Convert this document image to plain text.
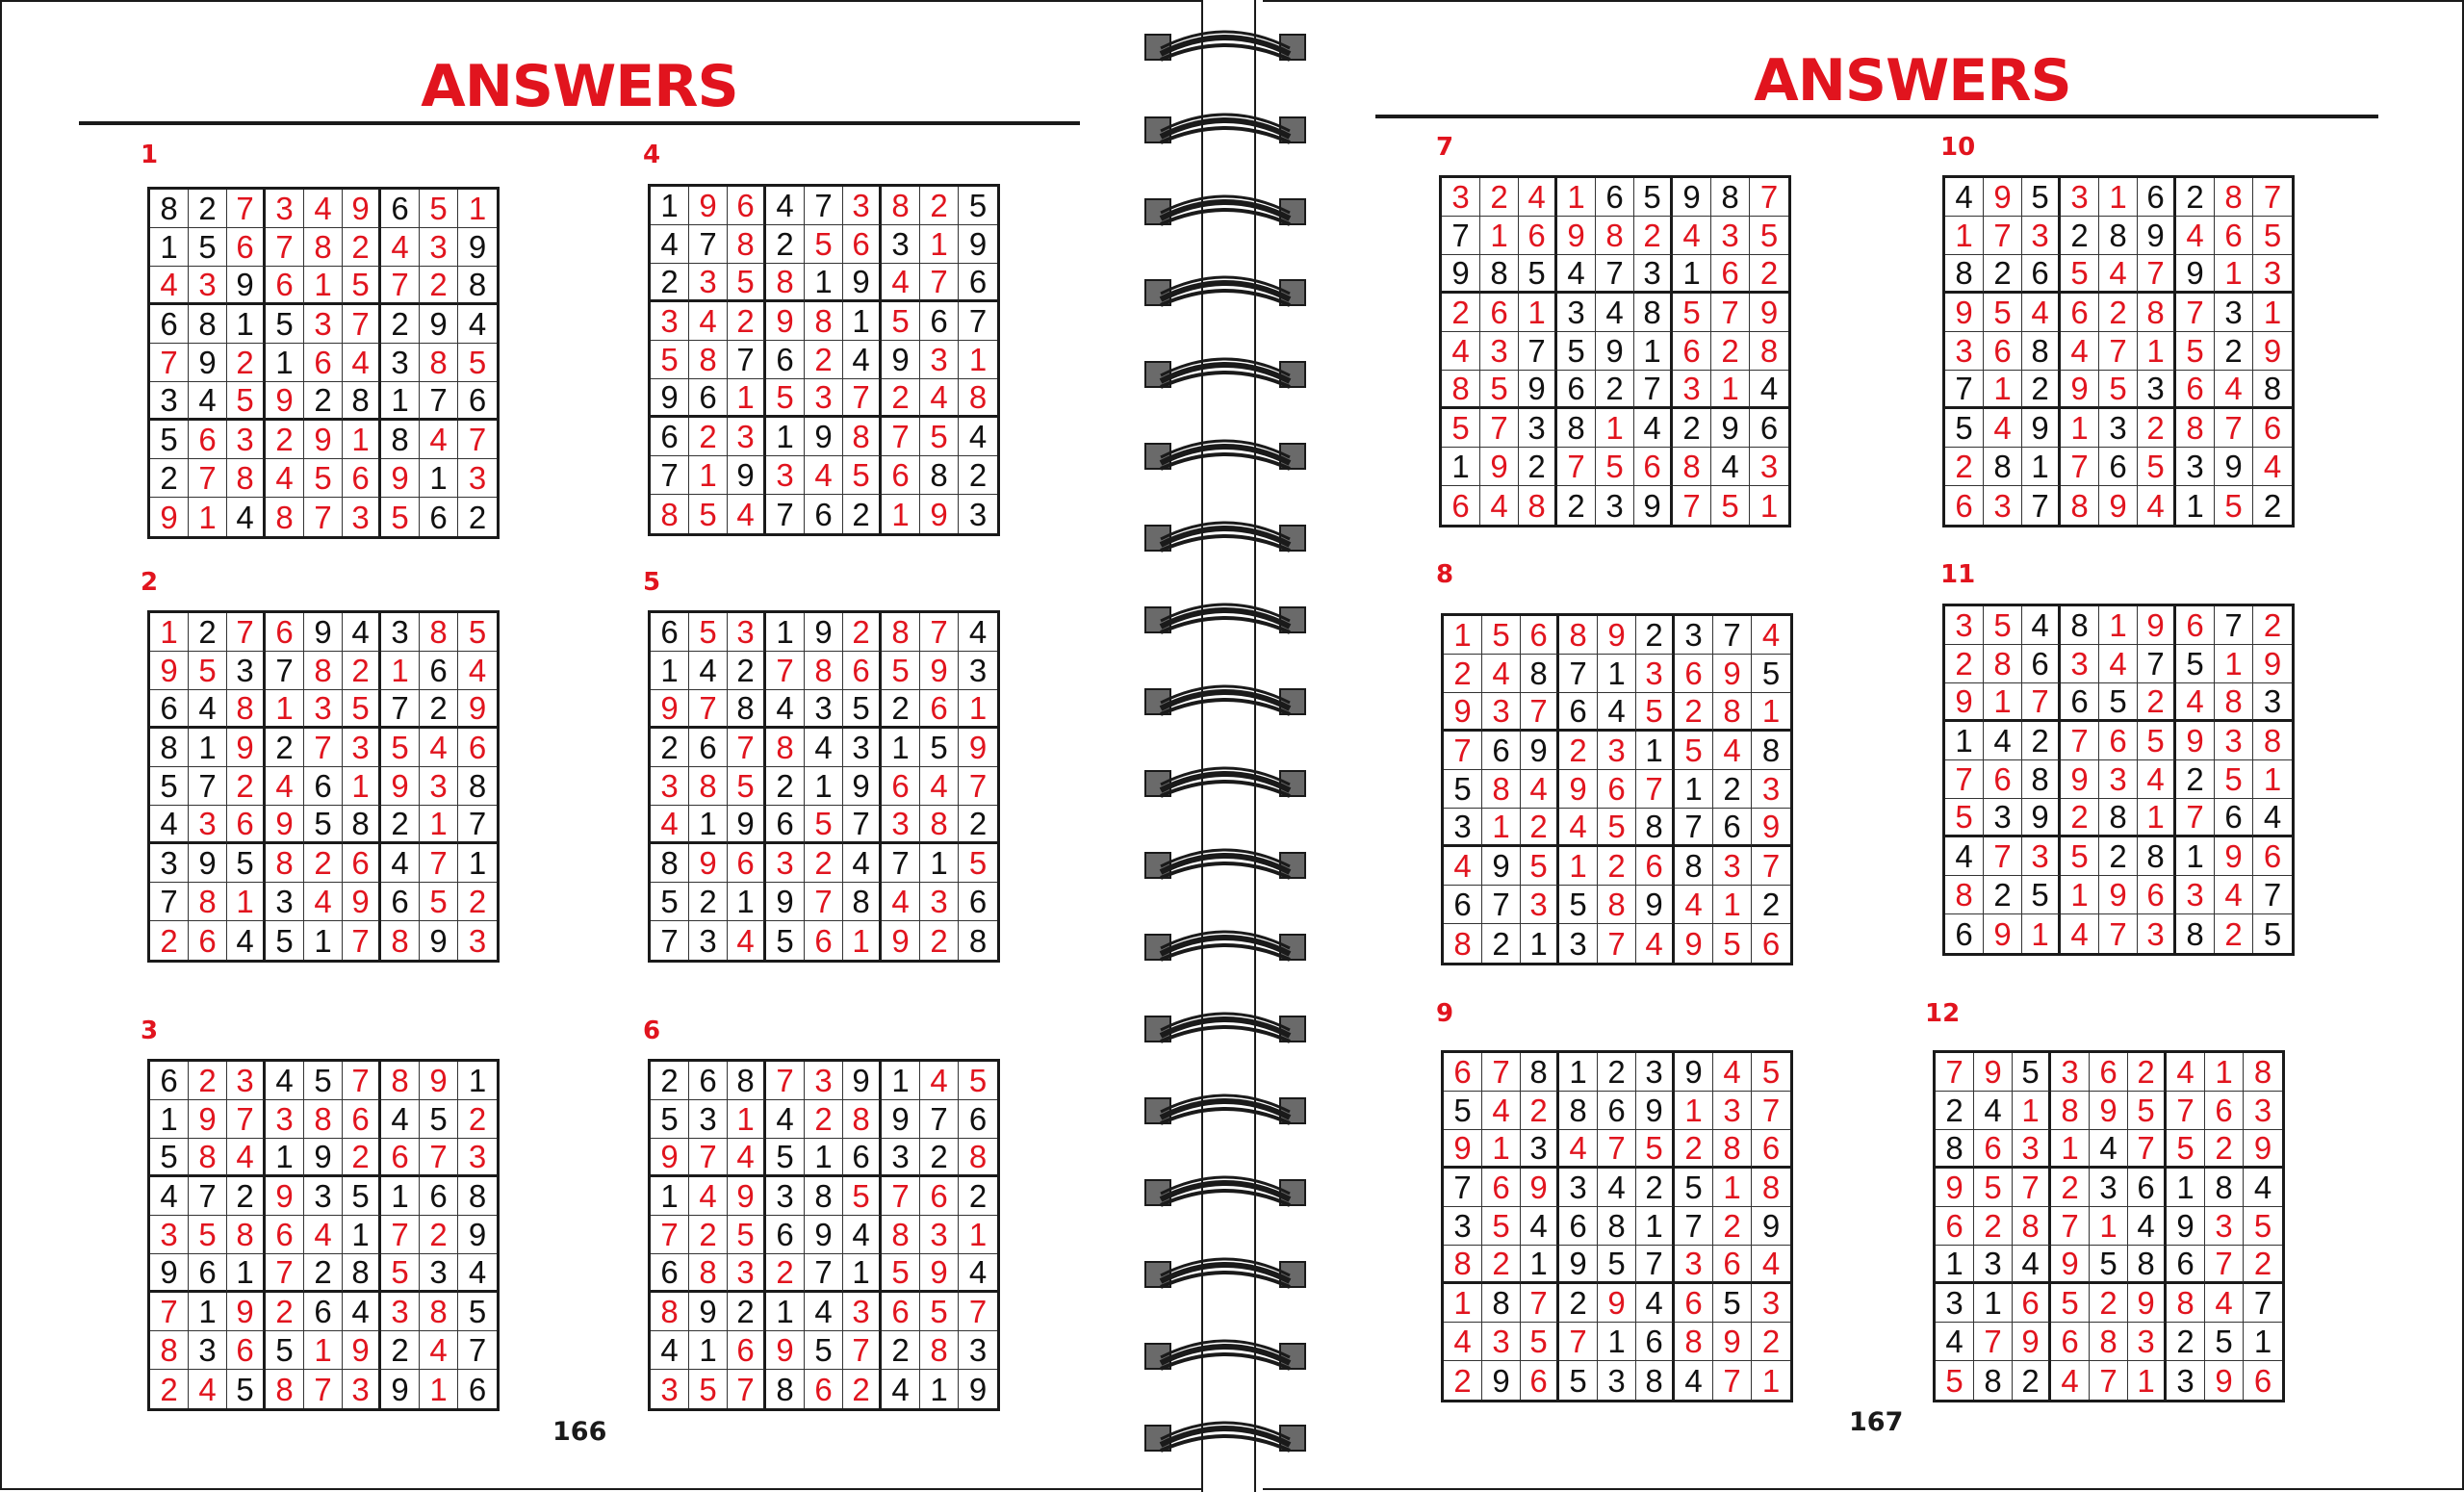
ANSWERS
166
ANSWERS
167
1
8 2 7 3 4 9 6 5 1
1 5 6 7 8 2 4 3 9
4 3 9 6 1 5 7 2 8
6 8 1 5 3 7 2 9 4
7 9 2 1 6 4 3 8 5
3 4 5 9 2 8 1 7 6
5 6 3 2 9 1 8 4 7
2 7 8 4 5 6 9 1 3
9 1 4 8 7 3 5 6 2
2
1 2 7 6 9 4 3 8 5
9 5 3 7 8 2 1 6 4
6 4 8 1 3 5 7 2 9
8 1 9 2 7 3 5 4 6
5 7 2 4 6 1 9 3 8
4 3 6 9 5 8 2 1 7
3 9 5 8 2 6 4 7 1
7 8 1 3 4 9 6 5 2
2 6 4 5 1 7 8 9 3
3
6 2 3 4 5 7 8 9 1
1 9 7 3 8 6 4 5 2
5 8 4 1 9 2 6 7 3
4 7 2 9 3 5 1 6 8
3 5 8 6 4 1 7 2 9
9 6 1 7 2 8 5 3 4
7 1 9 2 6 4 3 8 5
8 3 6 5 1 9 2 4 7
2 4 5 8 7 3 9 1 6
4
1 9 6 4 7 3 8 2 5
4 7 8 2 5 6 3 1 9
2 3 5 8 1 9 4 7 6
3 4 2 9 8 1 5 6 7
5 8 7 6 2 4 9 3 1
9 6 1 5 3 7 2 4 8
6 2 3 1 9 8 7 5 4
7 1 9 3 4 5 6 8 2
8 5 4 7 6 2 1 9 3
5
6 5 3 1 9 2 8 7 4
1 4 2 7 8 6 5 9 3
9 7 8 4 3 5 2 6 1
2 6 7 8 4 3 1 5 9
3 8 5 2 1 9 6 4 7
4 1 9 6 5 7 3 8 2
8 9 6 3 2 4 7 1 5
5 2 1 9 7 8 4 3 6
7 3 4 5 6 1 9 2 8
6
2 6 8 7 3 9 1 4 5
5 3 1 4 2 8 9 7 6
9 7 4 5 1 6 3 2 8
1 4 9 3 8 5 7 6 2
7 2 5 6 9 4 8 3 1
6 8 3 2 7 1 5 9 4
8 9 2 1 4 3 6 5 7
4 1 6 9 5 7 2 8 3
3 5 7 8 6 2 4 1 9
7
3 2 4 1 6 5 9 8 7
7 1 6 9 8 2 4 3 5
9 8 5 4 7 3 1 6 2
2 6 1 3 4 8 5 7 9
4 3 7 5 9 1 6 2 8
8 5 9 6 2 7 3 1 4
5 7 3 8 1 4 2 9 6
1 9 2 7 5 6 8 4 3
6 4 8 2 3 9 7 5 1
8
1 5 6 8 9 2 3 7 4
2 4 8 7 1 3 6 9 5
9 3 7 6 4 5 2 8 1
7 6 9 2 3 1 5 4 8
5 8 4 9 6 7 1 2 3
3 1 2 4 5 8 7 6 9
4 9 5 1 2 6 8 3 7
6 7 3 5 8 9 4 1 2
8 2 1 3 7 4 9 5 6
9
6 7 8 1 2 3 9 4 5
5 4 2 8 6 9 1 3 7
9 1 3 4 7 5 2 8 6
7 6 9 3 4 2 5 1 8
3 5 4 6 8 1 7 2 9
8 2 1 9 5 7 3 6 4
1 8 7 2 9 4 6 5 3
4 3 5 7 1 6 8 9 2
2 9 6 5 3 8 4 7 1
10
4 9 5 3 1 6 2 8 7
1 7 3 2 8 9 4 6 5
8 2 6 5 4 7 9 1 3
9 5 4 6 2 8 7 3 1
3 6 8 4 7 1 5 2 9
7 1 2 9 5 3 6 4 8
5 4 9 1 3 2 8 7 6
2 8 1 7 6 5 3 9 4
6 3 7 8 9 4 1 5 2
11
3 5 4 8 1 9 6 7 2
2 8 6 3 4 7 5 1 9
9 1 7 6 5 2 4 8 3
1 4 2 7 6 5 9 3 8
7 6 8 9 3 4 2 5 1
5 3 9 2 8 1 7 6 4
4 7 3 5 2 8 1 9 6
8 2 5 1 9 6 3 4 7
6 9 1 4 7 3 8 2 5
12
7 9 5 3 6 2 4 1 8
2 4 1 8 9 5 7 6 3
8 6 3 1 4 7 5 2 9
9 5 7 2 3 6 1 8 4
6 2 8 7 1 4 9 3 5
1 3 4 9 5 8 6 7 2
3 1 6 5 2 9 8 4 7
4 7 9 6 8 3 2 5 1
5 8 2 4 7 1 3 9 6
